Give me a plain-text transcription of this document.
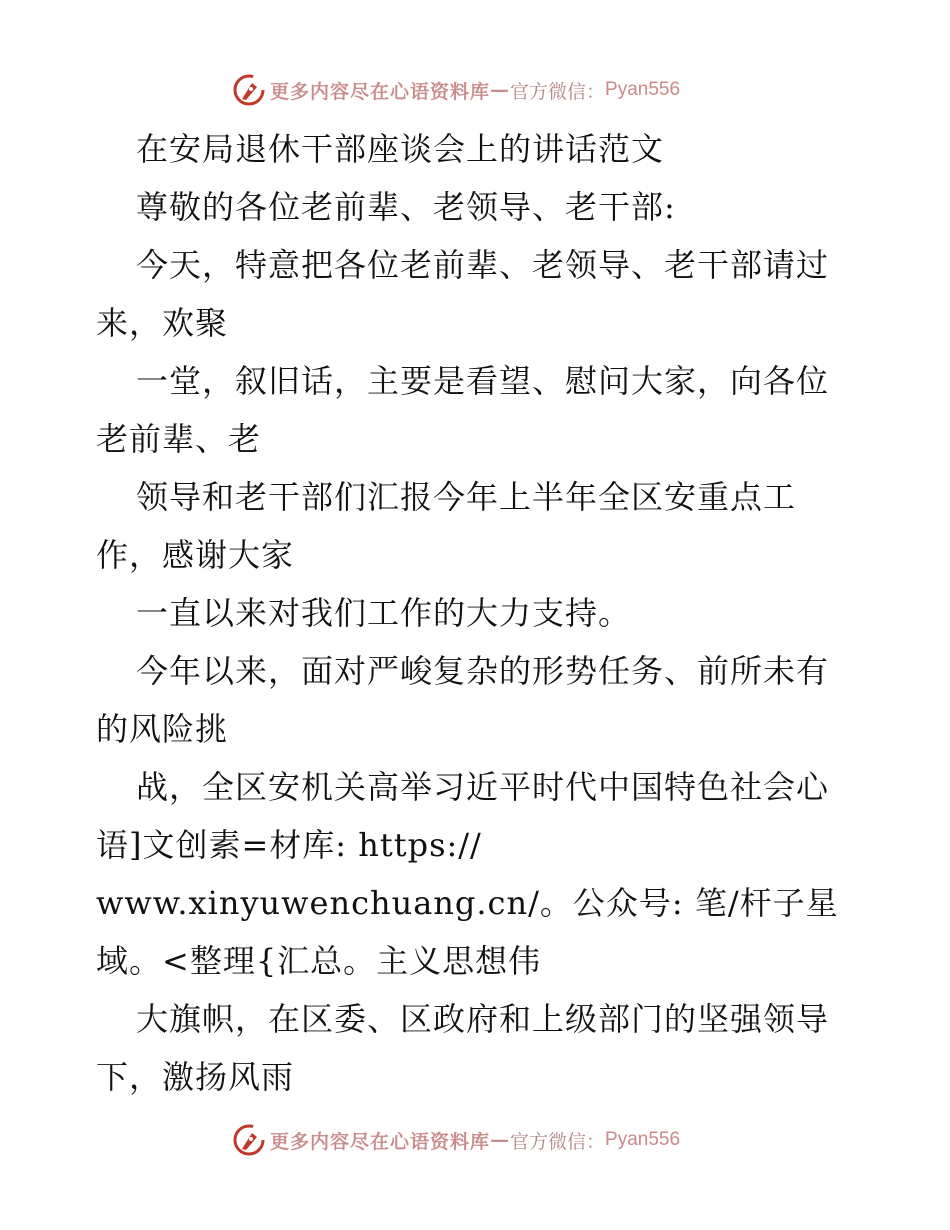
更多内容尽在心语资料库 — 官方微信： Pyan556
在安局退休干部座谈会上的讲话范文
尊敬的各位老前辈、老领导、老干部:
今天，特意把各位老前辈、老领导、老干部请过
来，欢聚
一堂，叙旧话，主要是看望、慰问大家，向各位
老前辈、老
领导和老干部们汇报今年上半年全区安重点工
作，感谢大家
一直以来对我们工作的大力支持。
今年以来，面对严峻复杂的形势任务、前所未有
的风险挑
战，全区安机关高举习近平时代中国特色社会心
语]文创素=材库: https://
www.xinyuwenchuang.cn/。公众号: 笔/杆子星
域。<整理{汇总。主义思想伟
大旗帜，在区委、区政府和上级部门的坚强领导
下，激扬风雨
更多内容尽在心语资料库 — 官方微信： Pyan556
